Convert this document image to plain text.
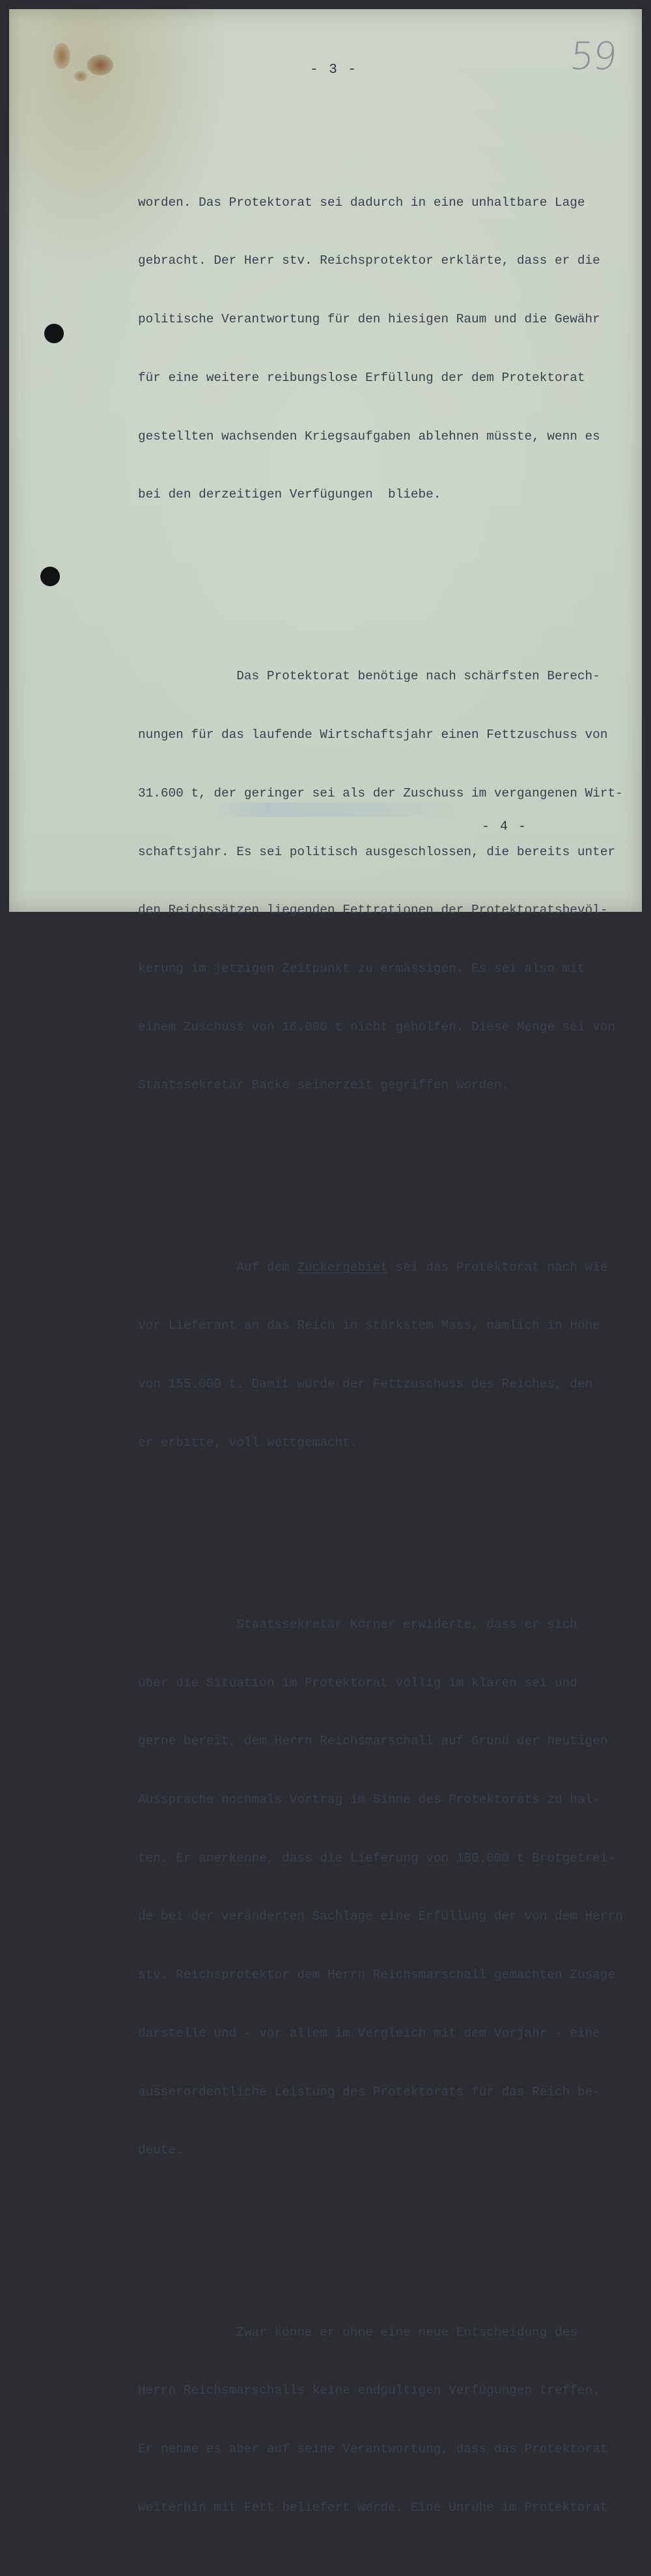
- 3 -	59

worden. Das Protektorat sei dadurch in eine unhaltbare Lage

gebracht. Der Herr stv. Reichsprotektor erklärte, dass er die

politische Verantwortung für den hiesigen Raum und die Gewähr

für eine weitere reibungslose Erfüllung der dem Protektorat

gestellten wachsenden Kriegsaufgaben ablehnen müsste, wenn es

bei den derzeitigen Verfügungen  bliebe.

Das Protektorat benötige nach schärfsten Berech-

nungen für das laufende Wirtschaftsjahr einen Fettzuschuss von

31.600 t, der geringer sei als der Zuschuss im vergangenen Wirt-

schaftsjahr. Es sei politisch ausgeschlossen, die bereits unter

den Reichssätzen liegenden Fettrationen der Protektoratsbevöl-

kerung im jetzigen Zeitpunkt zu ermässigen. Es sei also mit

einem Zuschuss von 16.000 t nicht geholfen. Diese Menge sei von

Staatssekretär Backe seinerzeit gegriffen worden.

Auf dem Zuckergebiet sei das Protektorat nach wie

vor Lieferant an das Reich in stärkstem Mass, nämlich in Höhe

von 155.000 t. Damit würde der Fettzuschuss des Reiches, den

er erbitte, voll wettgemacht.

Staatssekretär Körner erwiderte, dass er sich

über die Situation im Protektorat völlig im klaren sei und

gerne bereit, dem Herrn Reichsmarschall auf Grund der heutigen

Aussprache nochmals Vortrag im Sinne des Protektorats zu hal-

ten. Er anerkenne, dass die Lieferung von 180.000 t Brotgetrei-

de bei der veränderten Sachlage eine Erfüllung der von dem Herrn

stv. Reichsprotektor dem Herrn Reichsmarschall gemachten Zusage

darstelle und - vor allem im Vergleich mit dem Vorjahr - eine

ausserordentliche Leistung des Protektorats für das Reich be-

deute.

Zwar könne er ohne eine neue Entscheidung des

Herrn Reichsmarschalls keine endgültigen Verfügungen treffen.

Er nehme es aber auf seine Verantwortung, dass das Protektorat

weiterhin mit Fett beliefert werde. Eine Unruhe im Protektorat

- 4 -
